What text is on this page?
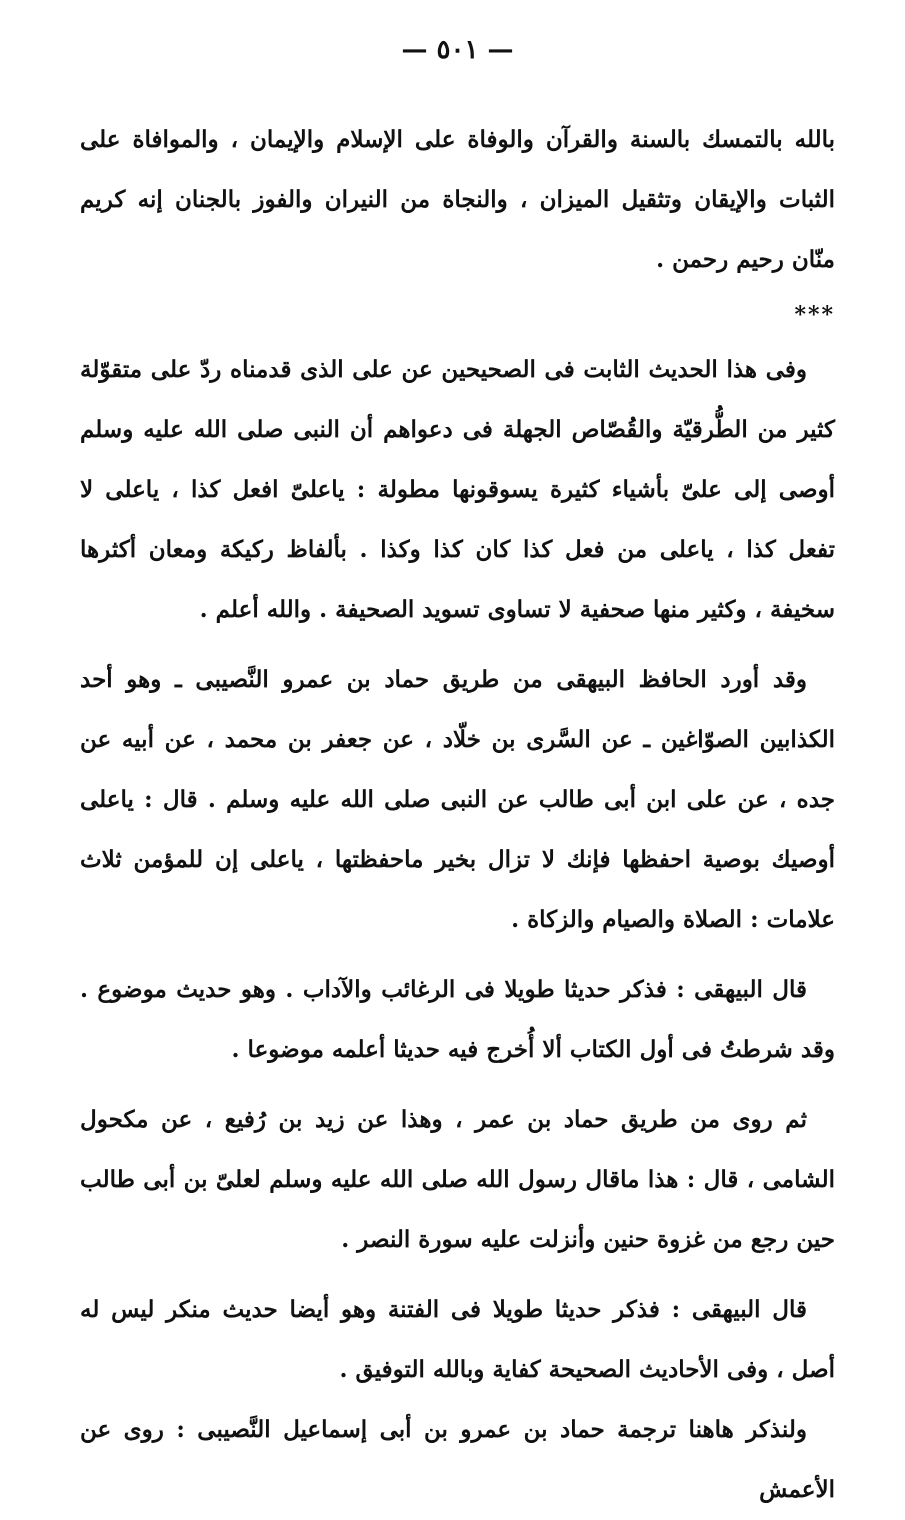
— ٥٠١ —

بالله بالتمسك بالسنة والقرآن والوفاة على الإسلام والإيمان ، والموافاة على الثبات والإيقان وتثقيل الميزان ، والنجاة من النيران والفوز بالجنان إنه كريم منّان رحيم رحمن .

***

وفى هذا الحديث الثابت فى الصحيحين عن على الذى قدمناه ردّ على متقوّلة كثير من الطُّرقيّة والقُصّاص الجهلة فى دعواهم أن النبى صلى الله عليه وسلم أوصى إلى علىّ بأشياء كثيرة يسوقونها مطولة : ياعلىّ افعل كذا ، ياعلى لا تفعل كذا ، ياعلى من فعل كذا كان كذا وكذا . بألفاظ ركيكة ومعان أكثرها سخيفة ، وكثير منها صحفية لا تساوى تسويد الصحيفة . والله أعلم .

وقد أورد الحافظ البيهقى من طريق حماد بن عمرو النَّصيبى ـ وهو أحد الكذابين الصوّاغين ـ عن السَّرى بن خلّاد ، عن جعفر بن محمد ، عن أبيه عن جده ، عن على ابن أبى طالب عن النبى صلى الله عليه وسلم . قال : ياعلى أوصيك بوصية احفظها فإنك لا تزال بخير ماحفظتها ، ياعلى إن للمؤمن ثلاث علامات : الصلاة والصيام والزكاة .

قال البيهقى : فذكر حديثا طويلا فى الرغائب والآداب . وهو حديث موضوع . وقد شرطتُ فى أول الكتاب ألا أُخرج فيه حديثا أعلمه موضوعا .

ثم روى من طريق حماد بن عمر ، وهذا عن زيد بن رُفيع ، عن مكحول الشامى ، قال : هذا ماقال رسول الله صلى الله عليه وسلم لعلىّ بن أبى طالب حين رجع من غزوة حنين وأنزلت عليه سورة النصر .

قال البيهقى : فذكر حديثا طويلا فى الفتنة وهو أيضا حديث منكر ليس له أصل ، وفى الأحاديث الصحيحة كفاية وبالله التوفيق .

ولنذكر هاهنا ترجمة حماد بن عمرو بن أبى إسماعيل النَّصيبى : روى عن الأعمش
